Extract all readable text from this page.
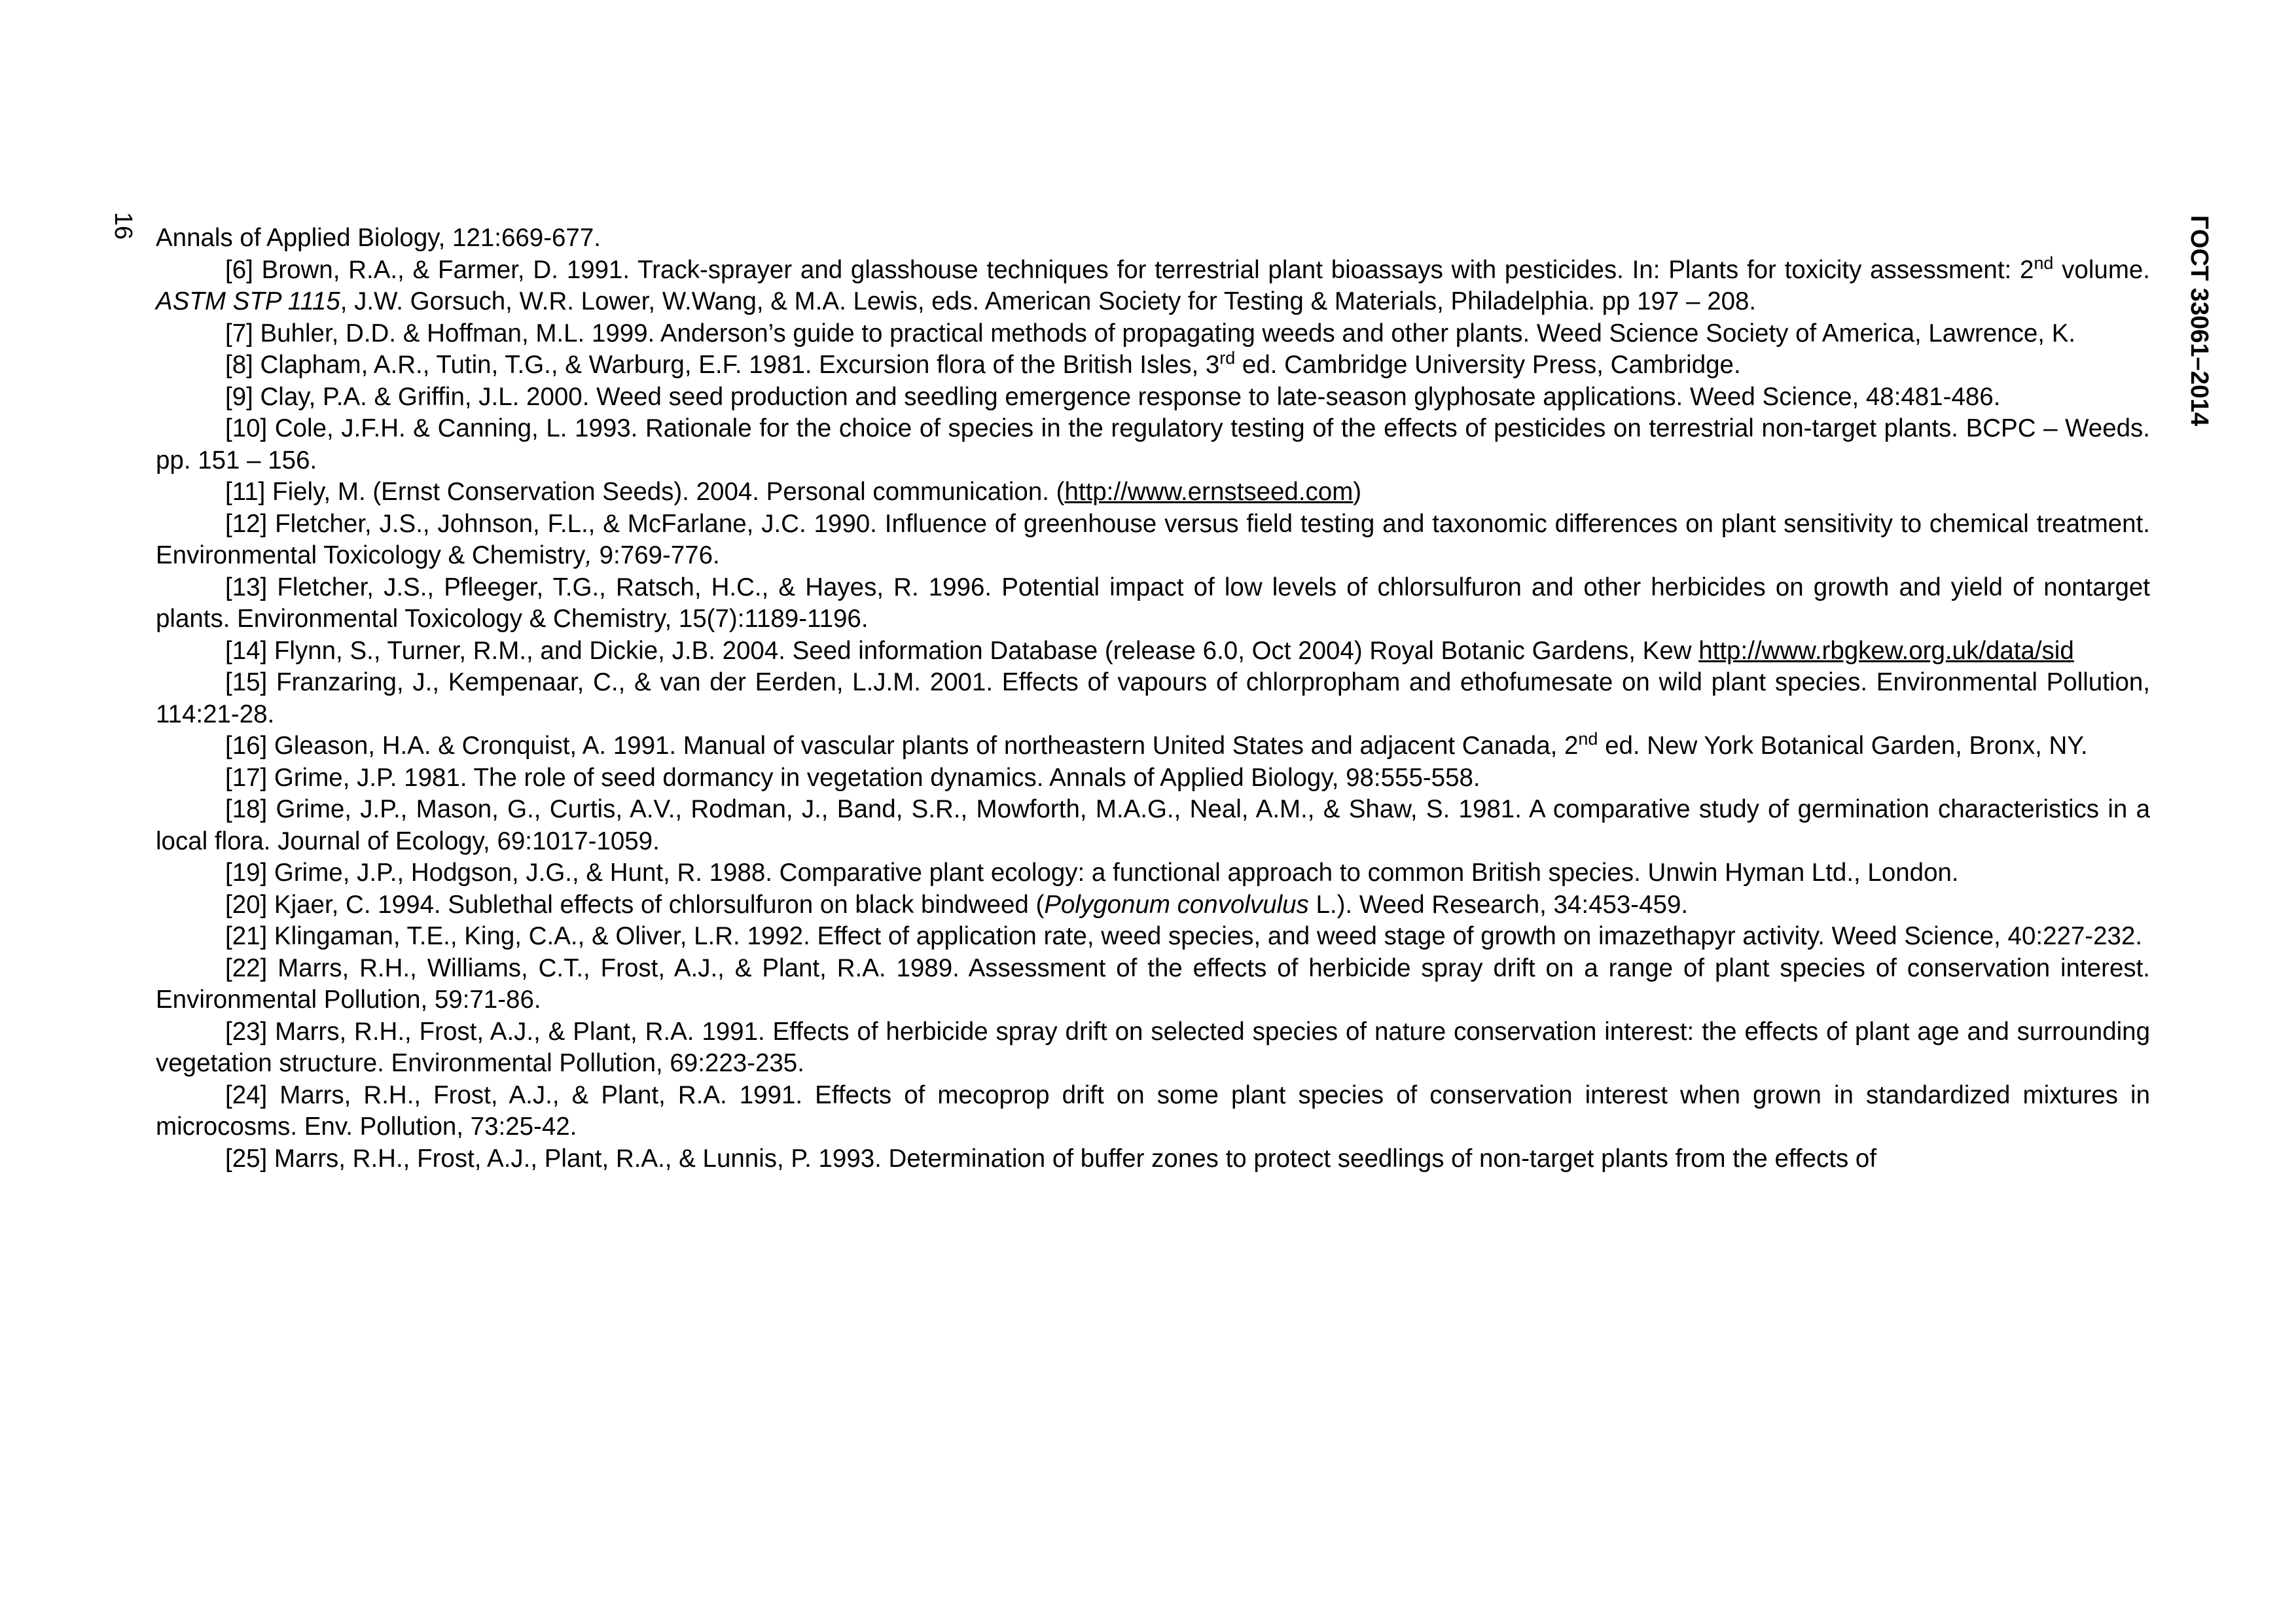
16	ГОСТ 33061–2014

Annals of Applied Biology, 121:669-677.

[6] Brown, R.A., & Farmer, D. 1991. Track-sprayer and glasshouse techniques for terrestrial plant bioassays with pesticides. In: Plants for toxicity assessment: 2nd volume. ASTM STP 1115, J.W. Gorsuch, W.R. Lower, W.Wang, & M.A. Lewis, eds. American Society for Testing & Materials, Philadelphia. pp 197 – 208.

[7] Buhler, D.D. & Hoffman, M.L. 1999. Anderson’s guide to practical methods of propagating weeds and other plants. Weed Science Society of America, Lawrence, K.

[8] Clapham, A.R., Tutin, T.G., & Warburg, E.F. 1981. Excursion flora of the British Isles, 3rd ed. Cambridge University Press, Cambridge.

[9] Clay, P.A. & Griffin, J.L. 2000. Weed seed production and seedling emergence response to late-season glyphosate applications. Weed Science, 48:481-486.

[10] Cole, J.F.H. & Canning, L. 1993. Rationale for the choice of species in the regulatory testing of the effects of pesticides on terrestrial non-target plants. BCPC – Weeds. pp. 151 – 156.

[11] Fiely, M. (Ernst Conservation Seeds). 2004. Personal communication. (http://www.ernstseed.com)

[12] Fletcher, J.S., Johnson, F.L., & McFarlane, J.C. 1990. Influence of greenhouse versus field testing and taxonomic differences on plant sensitivity to chemical treatment. Environmental Toxicology & Chemistry, 9:769-776.

[13] Fletcher, J.S., Pfleeger, T.G., Ratsch, H.C., & Hayes, R. 1996. Potential impact of low levels of chlorsulfuron and other herbicides on growth and yield of nontarget plants. Environmental Toxicology & Chemistry, 15(7):1189-1196.

[14] Flynn, S., Turner, R.M., and Dickie, J.B. 2004. Seed information Database (release 6.0, Oct 2004) Royal Botanic Gardens, Kew http://www.rbgkew.org.uk/data/sid

[15] Franzaring, J., Kempenaar, C., & van der Eerden, L.J.M. 2001. Effects of vapours of chlorpropham and ethofumesate on wild plant species. Environmental Pollution, 114:21-28.

[16] Gleason, H.A. & Cronquist, A. 1991. Manual of vascular plants of northeastern United States and adjacent Canada, 2nd ed. New York Botanical Garden, Bronx, NY.

[17] Grime, J.P. 1981. The role of seed dormancy in vegetation dynamics. Annals of Applied Biology, 98:555-558.

[18] Grime, J.P., Mason, G., Curtis, A.V., Rodman, J., Band, S.R., Mowforth, M.A.G., Neal, A.M., & Shaw, S. 1981. A comparative study of germination characteristics in a local flora. Journal of Ecology, 69:1017-1059.

[19] Grime, J.P., Hodgson, J.G., & Hunt, R. 1988. Comparative plant ecology: a functional approach to common British species. Unwin Hyman Ltd., London.

[20] Kjaer, C. 1994. Sublethal effects of chlorsulfuron on black bindweed (Polygonum convolvulus L.). Weed Research, 34:453-459.

[21] Klingaman, T.E., King, C.A., & Oliver, L.R. 1992. Effect of application rate, weed species, and weed stage of growth on imazethapyr activity. Weed Science, 40:227-232.

[22] Marrs, R.H., Williams, C.T., Frost, A.J., & Plant, R.A. 1989. Assessment of the effects of herbicide spray drift on a range of plant species of conservation interest. Environmental Pollution, 59:71-86.

[23] Marrs, R.H., Frost, A.J., & Plant, R.A. 1991. Effects of herbicide spray drift on selected species of nature conservation interest: the effects of plant age and surrounding vegetation structure. Environmental Pollution, 69:223-235.

[24] Marrs, R.H., Frost, A.J., & Plant, R.A. 1991. Effects of mecoprop drift on some plant species of conservation interest when grown in standardized mixtures in microcosms. Env. Pollution, 73:25-42.

[25] Marrs, R.H., Frost, A.J., Plant, R.A., & Lunnis, P. 1993. Determination of buffer zones to protect seedlings of non-target plants from the effects of
